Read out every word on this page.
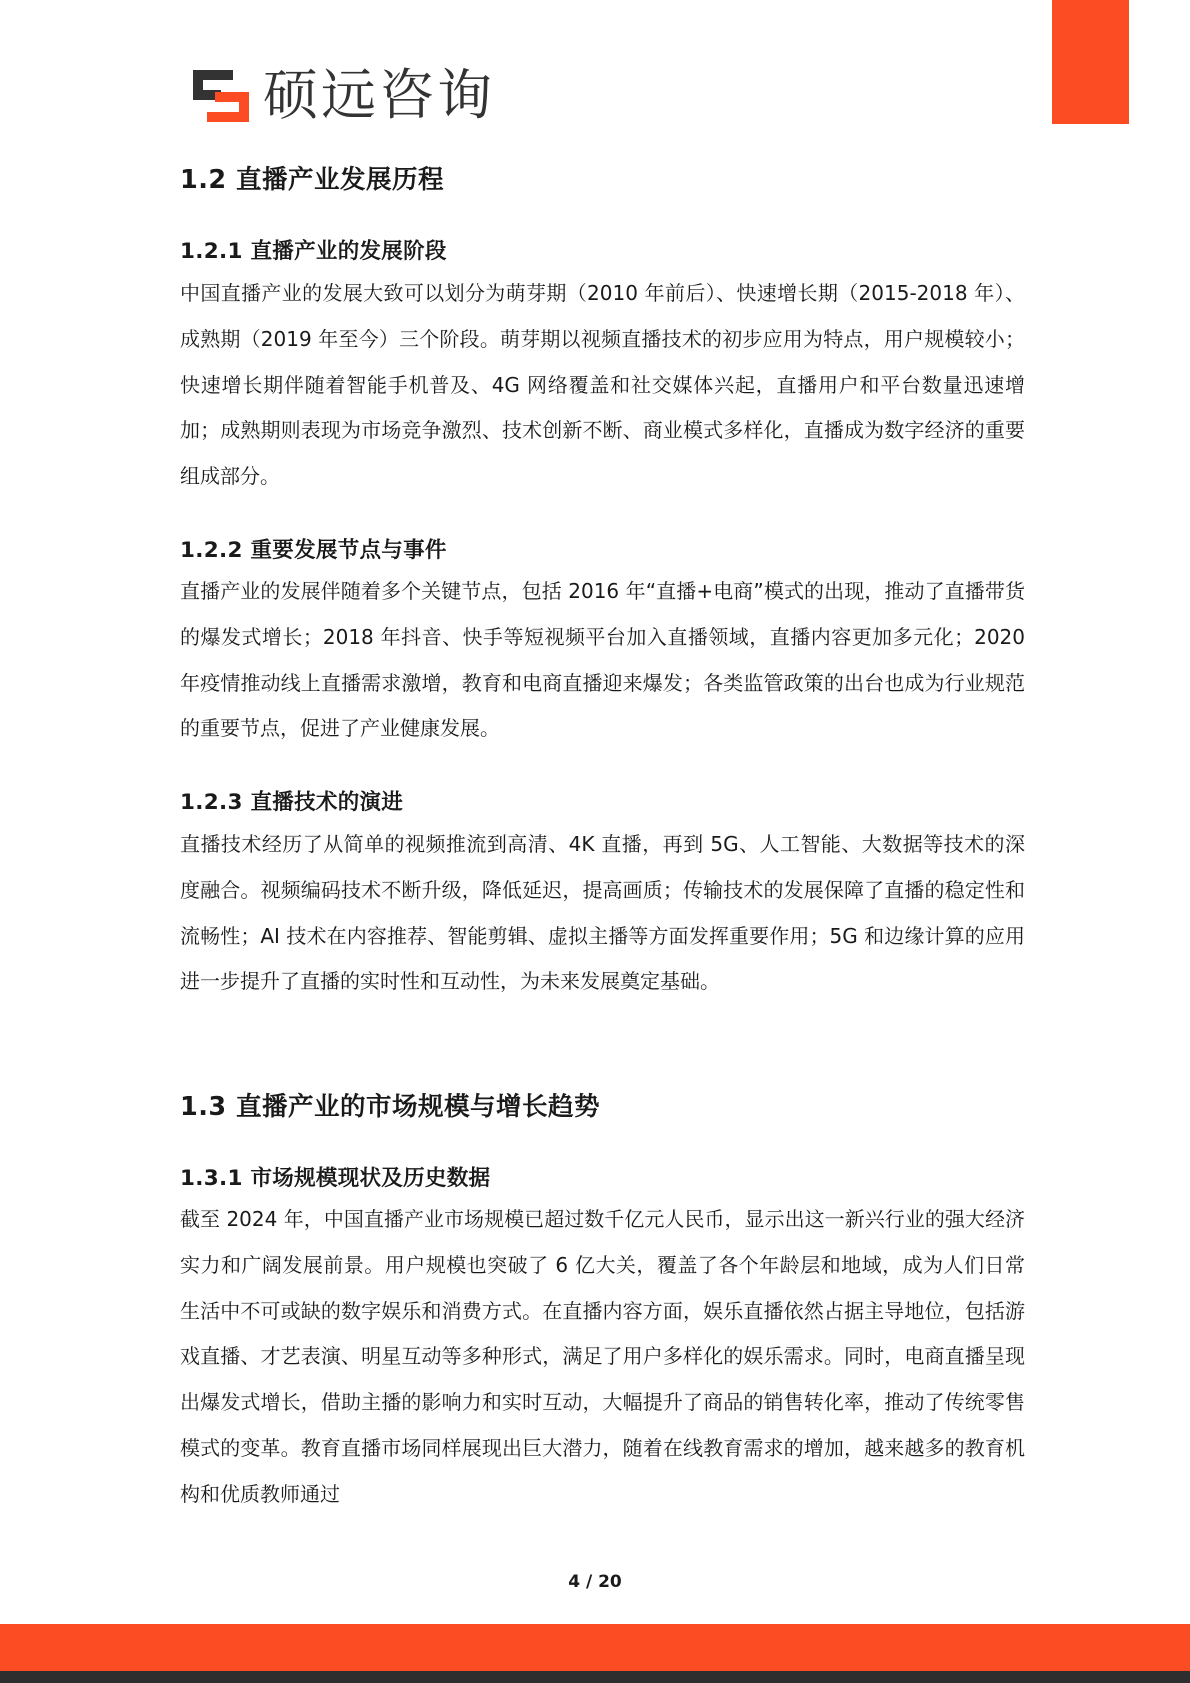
硕远咨询
1.2 直播产业发展历程
1.2.1 直播产业的发展阶段

中国直播产业的发展大致可以划分为萌芽期（2010 年前后）、快速增长期（2015-2018 年）、成熟期（2019 年至今）三个阶段。萌芽期以视频直播技术的初步应用为特点，用户规模较小；快速增长期伴随着智能手机普及、4G 网络覆盖和社交媒体兴起，直播用户和平台数量迅速增加；成熟期则表现为市场竞争激烈、技术创新不断、商业模式多样化，直播成为数字经济的重要组成部分。

1.2.2 重要发展节点与事件

直播产业的发展伴随着多个关键节点，包括 2016 年“直播+电商”模式的出现，推动了直播带货的爆发式增长；2018 年抖音、快手等短视频平台加入直播领域，直播内容更加多元化；2020 年疫情推动线上直播需求激增，教育和电商直播迎来爆发；各类监管政策的出台也成为行业规范的重要节点，促进了产业健康发展。

1.2.3 直播技术的演进

直播技术经历了从简单的视频推流到高清、4K 直播，再到 5G、人工智能、大数据等技术的深度融合。视频编码技术不断升级，降低延迟，提高画质；传输技术的发展保障了直播的稳定性和流畅性；AI 技术在内容推荐、智能剪辑、虚拟主播等方面发挥重要作用；5G 和边缘计算的应用进一步提升了直播的实时性和互动性，为未来发展奠定基础。

1.3 直播产业的市场规模与增长趋势
1.3.1 市场规模现状及历史数据

截至 2024 年，中国直播产业市场规模已超过数千亿元人民币，显示出这一新兴行业的强大经济实力和广阔发展前景。用户规模也突破了 6 亿大关，覆盖了各个年龄层和地域，成为人们日常生活中不可或缺的数字娱乐和消费方式。在直播内容方面，娱乐直播依然占据主导地位，包括游戏直播、才艺表演、明星互动等多种形式，满足了用户多样化的娱乐需求。同时，电商直播呈现出爆发式增长，借助主播的影响力和实时互动，大幅提升了商品的销售转化率，推动了传统零售模式的变革。教育直播市场同样展现出巨大潜力，随着在线教育需求的增加，越来越多的教育机构和优质教师通过

4 / 20
